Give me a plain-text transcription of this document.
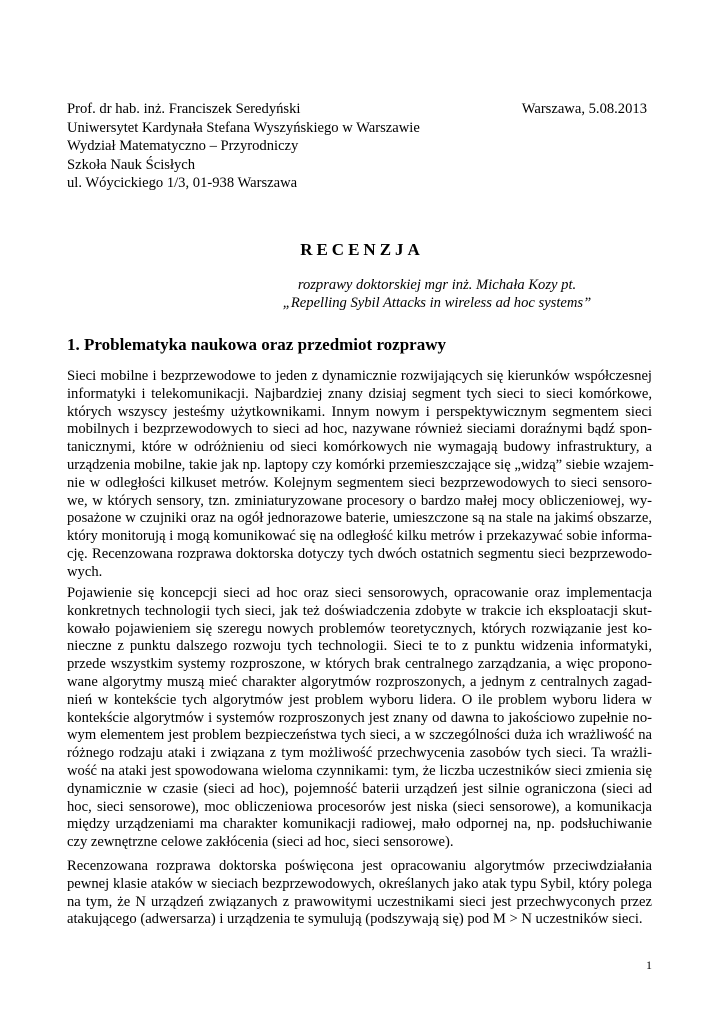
Prof. dr hab. inż. Franciszek Seredyński
Uniwersytet Kardynała Stefana Wyszyńskiego w Warszawie
Wydział Matematyczno – Przyrodniczy
Szkoła Nauk Ścisłych
ul. Wóycickiego 1/3, 01-938 Warszawa
Warszawa, 5.08.2013
RECENZJA
rozprawy doktorskiej mgr inż. Michała Kozy pt.
„Repelling Sybil Attacks in wireless ad hoc systems”
1. Problematyka naukowa oraz przedmiot rozprawy
Sieci mobilne i bezprzewodowe to jeden z dynamicznie rozwijających się kierunków współczesnej
informatyki i telekomunikacji. Najbardziej znany dzisiaj segment tych sieci to sieci komórkowe,
których wszyscy jesteśmy użytkownikami. Innym nowym i perspektywicznym segmentem sieci
mobilnych i bezprzewodowych to sieci ad hoc, nazywane również sieciami doraźnymi bądź spon-
tanicznymi, które w odróżnieniu od sieci komórkowych nie wymagają budowy infrastruktury, a
urządzenia mobilne, takie jak np. laptopy czy komórki przemieszczające się „widzą” siebie wzajem-
nie w odległości kilkuset metrów. Kolejnym segmentem sieci bezprzewodowych to sieci sensoro-
we, w których sensory, tzn. zminiaturyzowane procesory o bardzo małej mocy obliczeniowej, wy-
posażone w czujniki oraz na ogół jednorazowe baterie, umieszczone są na stale na jakimś obszarze,
który monitorują i mogą komunikować się na odległość kilku metrów i przekazywać sobie informa-
cję. Recenzowana rozprawa doktorska dotyczy tych dwóch ostatnich segmentu sieci bezprzewodo-
wych.
Pojawienie się koncepcji sieci ad hoc oraz sieci sensorowych, opracowanie oraz implementacja
konkretnych technologii tych sieci, jak też doświadczenia zdobyte w trakcie ich eksploatacji skut-
kowało pojawieniem się szeregu nowych problemów teoretycznych, których rozwiązanie jest ko-
nieczne z punktu dalszego rozwoju tych technologii. Sieci te to z punktu widzenia informatyki,
przede wszystkim systemy rozproszone, w których brak centralnego zarządzania, a więc propono-
wane algorytmy muszą mieć charakter algorytmów rozproszonych, a jednym z centralnych zagad-
nień w kontekście tych algorytmów jest problem wyboru lidera. O ile problem wyboru lidera w
kontekście algorytmów i systemów rozproszonych jest znany od dawna to jakościowo zupełnie no-
wym elementem jest problem bezpieczeństwa tych sieci, a w szczególności duża ich wrażliwość na
różnego rodzaju ataki i związana z tym możliwość przechwycenia zasobów tych sieci. Ta wrażli-
wość na ataki jest spowodowana wieloma czynnikami: tym, że liczba uczestników sieci zmienia się
dynamicznie w czasie (sieci ad hoc), pojemność baterii urządzeń jest silnie ograniczona (sieci ad
hoc, sieci sensorowe), moc obliczeniowa procesorów jest niska (sieci sensorowe), a komunikacja
między urządzeniami ma charakter komunikacji radiowej, mało odpornej na, np. podsłuchiwanie
czy zewnętrzne celowe zakłócenia (sieci ad hoc, sieci sensorowe).
Recenzowana rozprawa doktorska poświęcona jest opracowaniu algorytmów przeciwdziałania
pewnej klasie ataków w sieciach bezprzewodowych, określanych jako atak typu Sybil, który polega
na tym, że N urządzeń związanych z prawowitymi uczestnikami sieci jest przechwyconych przez
atakującego (adwersarza) i urządzenia te symulują (podszywają się) pod M > N uczestników sieci.
1
